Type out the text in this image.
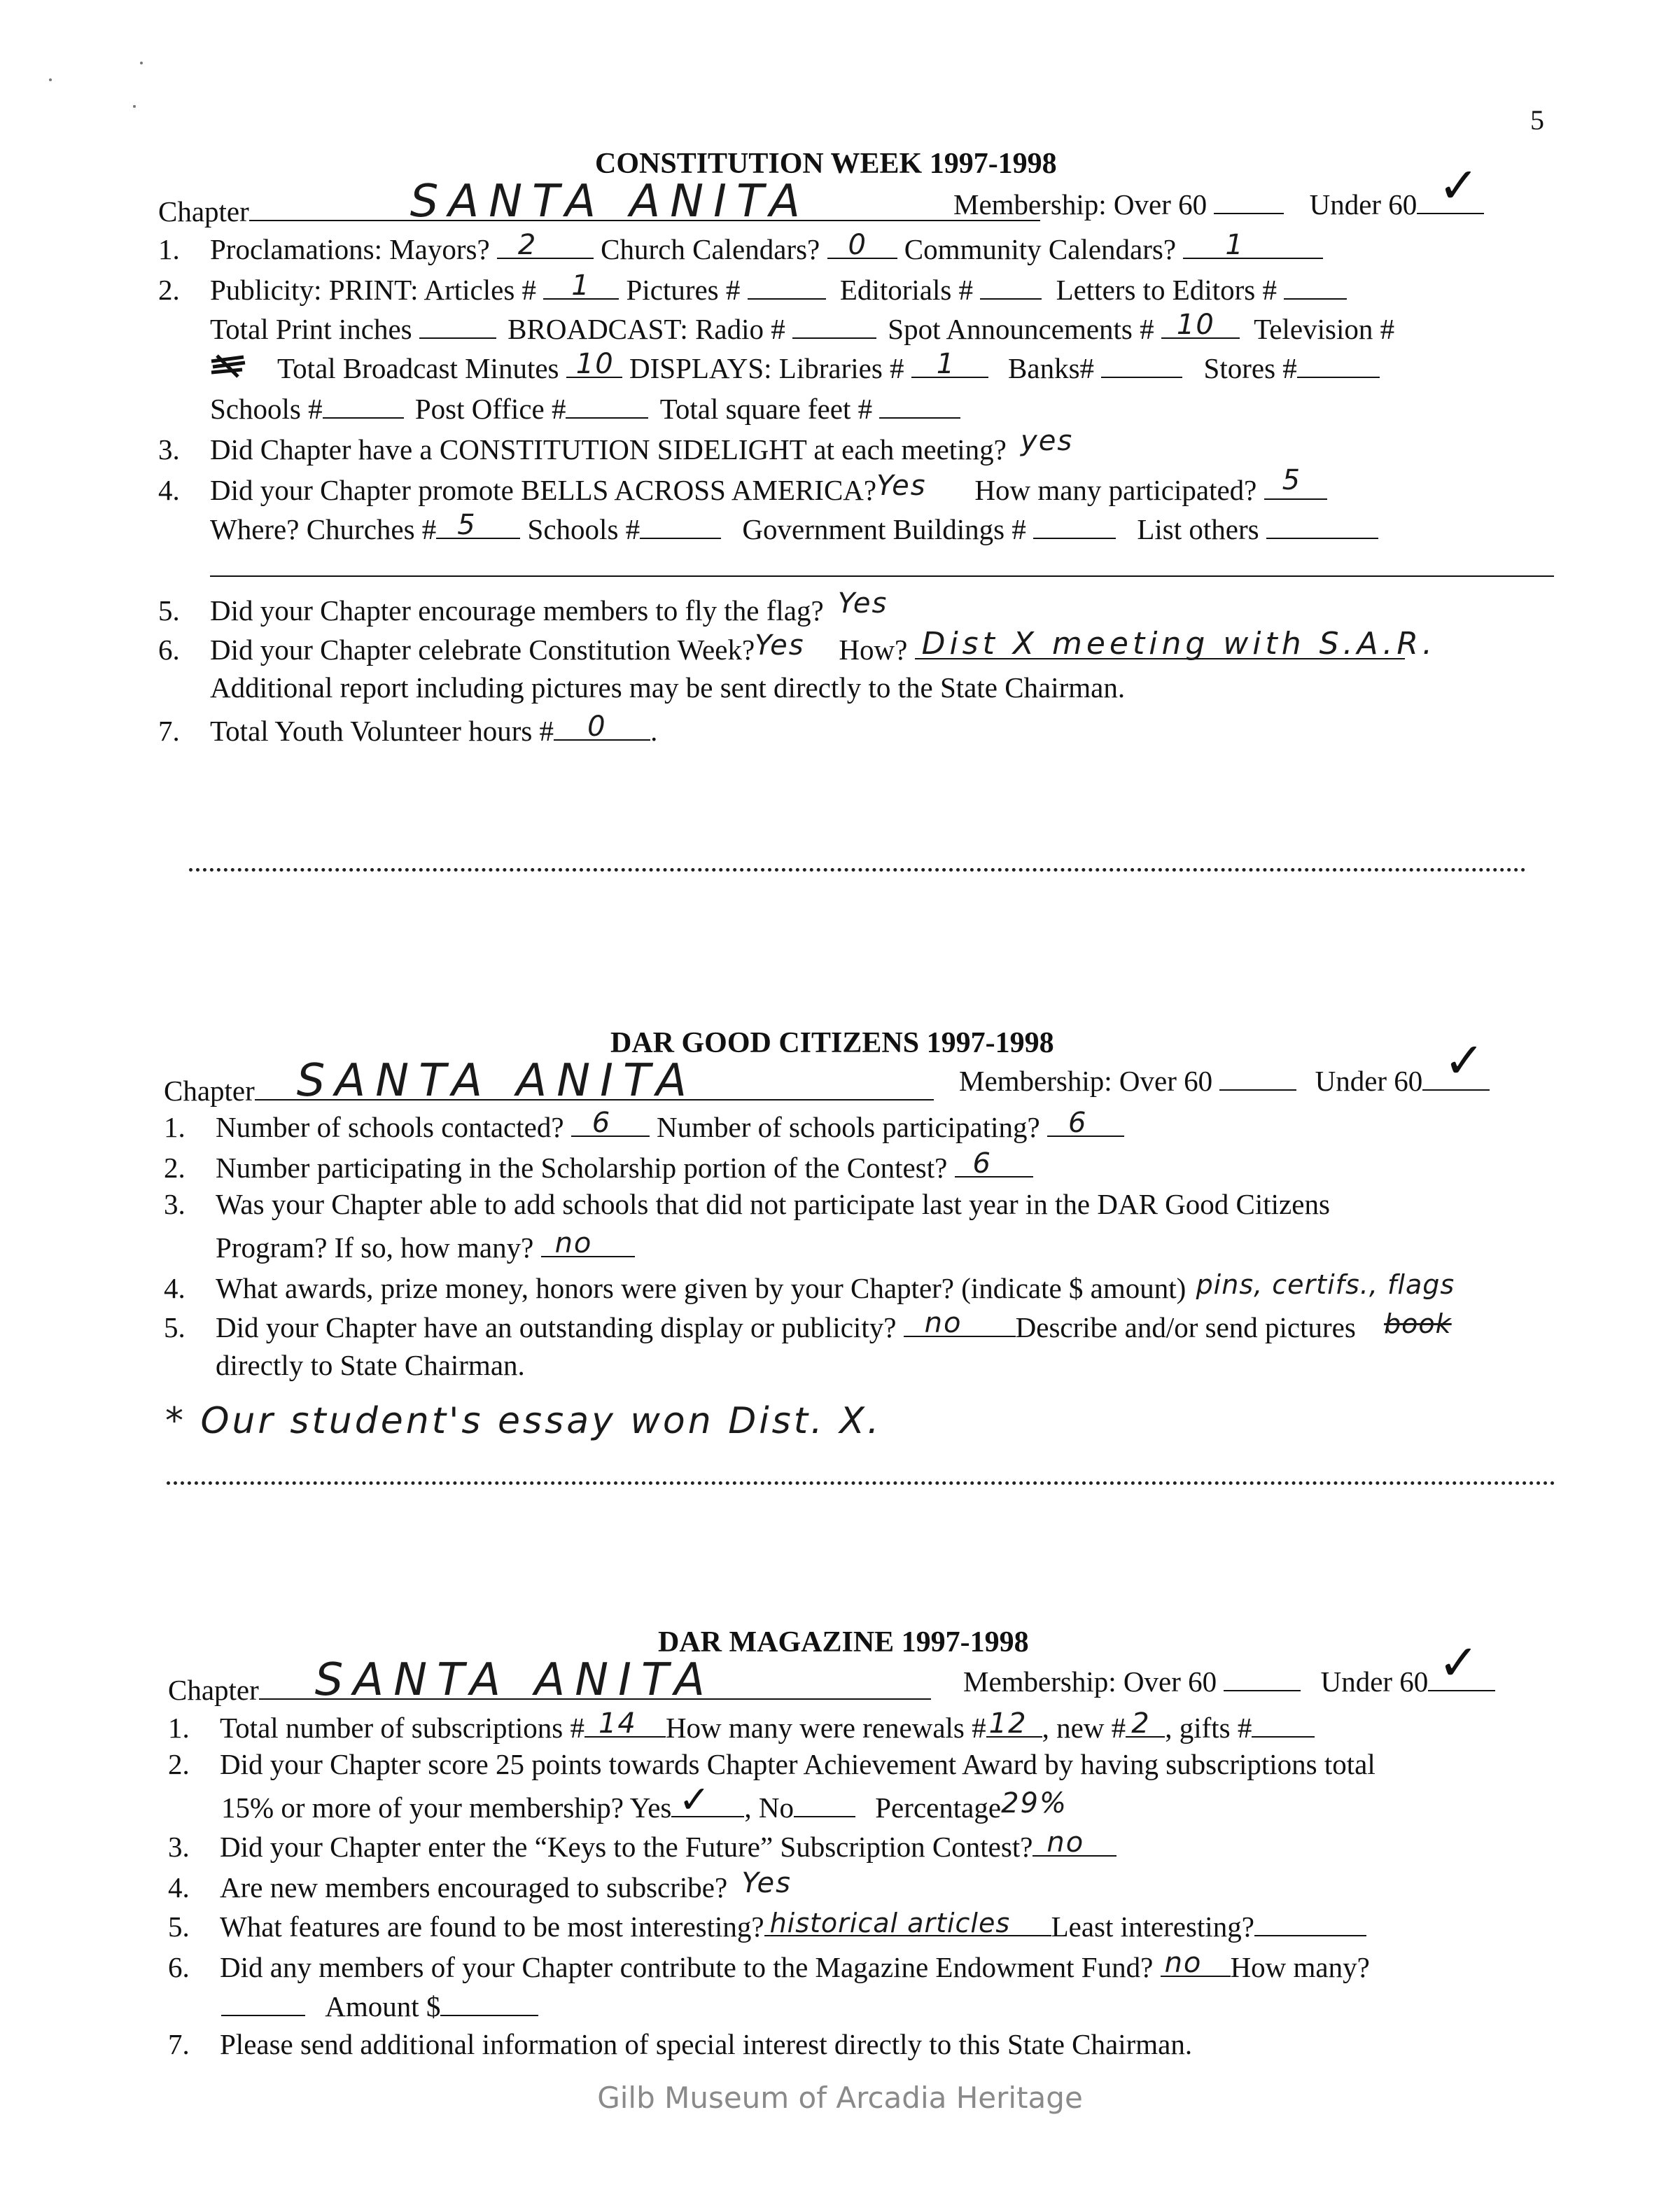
5
CONSTITUTION WEEK 1997-1998
Chapter	SANTA ANITA	Membership: Over 60	Under 60 ✓
1. Proclamations: Mayors? 2 Church Calendars? 0 Community Calendars? 1
2. Publicity: PRINT: Articles # 1 Pictures #	Editorials #	Letters to Editors #
Total Print inches	BROADCAST: Radio #	Spot Announcements # 10 Television #
Total Broadcast Minutes 10 DISPLAYS: Libraries # 1 Banks#	Stores #
Schools #	Post Office #	Total square feet #
3. Did Chapter have a CONSTITUTION SIDELIGHT at each meeting? yes
4. Did your Chapter promote BELLS ACROSS AMERICA? Yes How many participated? 5
Where? Churches # 5 Schools #	Government Buildings #	List others
5. Did your Chapter encourage members to fly the flag? Yes
6. Did your Chapter celebrate Constitution Week? Yes How? Dist X meeting with S.A.R.
Additional report including pictures may be sent directly to the State Chairman.
7. Total Youth Volunteer hours # 0 .
DAR GOOD CITIZENS 1997-1998
Chapter SANTA ANITA	Membership: Over 60	Under 60 ✓
1. Number of schools contacted? 6 Number of schools participating? 6
2. Number participating in the Scholarship portion of the Contest? 6
3. Was your Chapter able to add schools that did not participate last year in the DAR Good Citizens
Program? If so, how many? no
4. What awards, prize money, honors were given by your Chapter? (indicate $ amount) pins, certifs., flags
5. Did your Chapter have an outstanding display or publicity? no Describe and/or send pictures book
directly to State Chairman.
* Our student's essay won Dist. X.
DAR MAGAZINE 1997-1998
Chapter SANTA ANITA	Membership: Over 60	Under 60 ✓
1. Total number of subscriptions # 14 How many were renewals # 12 , new # 2 , gifts #
2. Did your Chapter score 25 points towards Chapter Achievement Award by having subscriptions total
15% or more of your membership? Yes ✓ , No	Percentage 29%
3. Did your Chapter enter the “Keys to the Future” Subscription Contest? no
4. Are new members encouraged to subscribe? Yes
5. What features are found to be most interesting? historical articles Least interesting?
6. Did any members of your Chapter contribute to the Magazine Endowment Fund? no How many?
Amount $
7. Please send additional information of special interest directly to this State Chairman.
Gilb Museum of Arcadia Heritage
